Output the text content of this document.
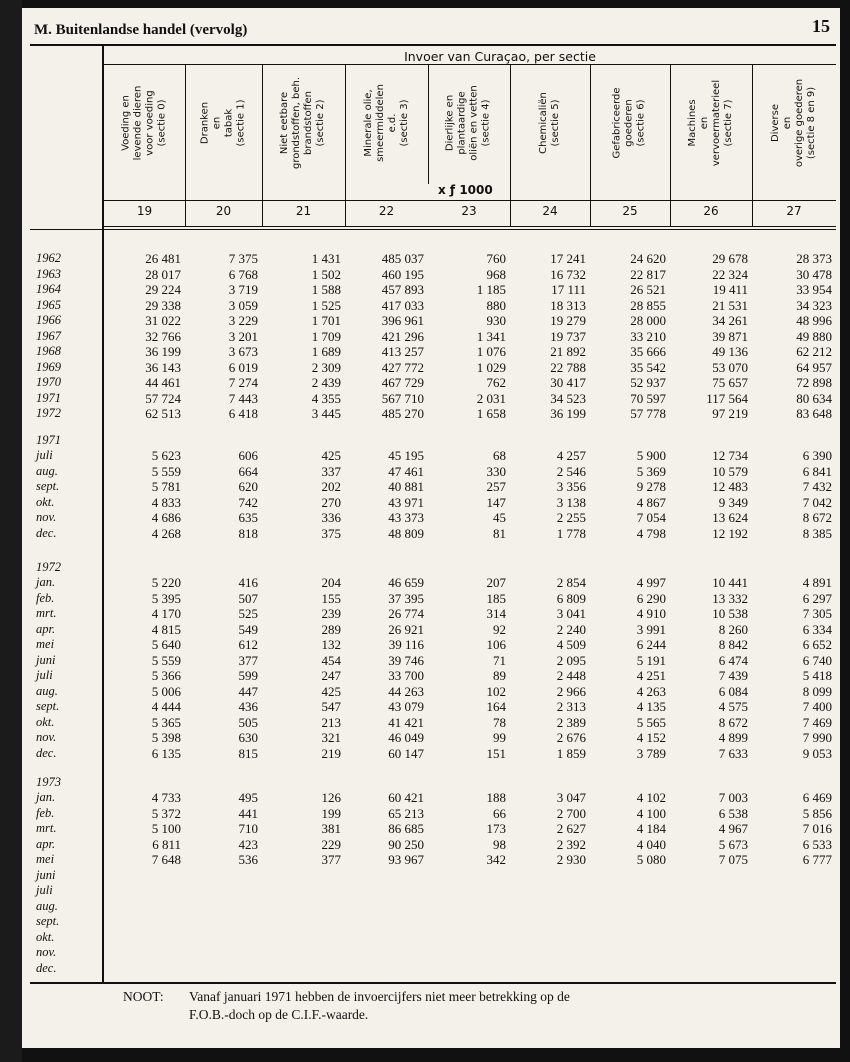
M. Buitenlandse handel (vervolg)	15
Invoer van Curaçao, per sectie
x ƒ 1000
Voeding en
levende dieren
voor voeding
(sectie 0)
19
Dranken
en
tabak
(sectie 1)
20
Niet eetbare
grondstoffen, beh.
brandstoffen
(sectie 2)
21
Minerale olie,
smeermiddelen
e.d.
(sectie 3)
22
Dierlijke en
plantaardige
oliën en vetten
(sectie 4)
23
Chemicaliën
(sectie 5)
24
Gefabriceerde
goederen
(sectie 6)
25
Machines
en
vervoermaterieel
(sectie 7)
26
Diverse
en
overige goederen
(sectie 8 en 9)
27
1962	26 481	7 375	1 431	485 037	760	17 241	24 620	29 678	28 373
1963	28 017	6 768	1 502	460 195	968	16 732	22 817	22 324	30 478
1964	29 224	3 719	1 588	457 893	1 185	17 111	26 521	19 411	33 954
1965	29 338	3 059	1 525	417 033	880	18 313	28 855	21 531	34 323
1966	31 022	3 229	1 701	396 961	930	19 279	28 000	34 261	48 996
1967	32 766	3 201	1 709	421 296	1 341	19 737	33 210	39 871	49 880
1968	36 199	3 673	1 689	413 257	1 076	21 892	35 666	49 136	62 212
1969	36 143	6 019	2 309	427 772	1 029	22 788	35 542	53 070	64 957
1970	44 461	7 274	2 439	467 729	762	30 417	52 937	75 657	72 898
1971	57 724	7 443	4 355	567 710	2 031	34 523	70 597	117 564	80 634
1972	62 513	6 418	3 445	485 270	1 658	36 199	57 778	97 219	83 648
1971
juli	5 623	606	425	45 195	68	4 257	5 900	12 734	6 390
aug.	5 559	664	337	47 461	330	2 546	5 369	10 579	6 841
sept.	5 781	620	202	40 881	257	3 356	9 278	12 483	7 432
okt.	4 833	742	270	43 971	147	3 138	4 867	9 349	7 042
nov.	4 686	635	336	43 373	45	2 255	7 054	13 624	8 672
dec.	4 268	818	375	48 809	81	1 778	4 798	12 192	8 385
1972
jan.	5 220	416	204	46 659	207	2 854	4 997	10 441	4 891
feb.	5 395	507	155	37 395	185	6 809	6 290	13 332	6 297
mrt.	4 170	525	239	26 774	314	3 041	4 910	10 538	7 305
apr.	4 815	549	289	26 921	92	2 240	3 991	8 260	6 334
mei	5 640	612	132	39 116	106	4 509	6 244	8 842	6 652
juni	5 559	377	454	39 746	71	2 095	5 191	6 474	6 740
juli	5 366	599	247	33 700	89	2 448	4 251	7 439	5 418
aug.	5 006	447	425	44 263	102	2 966	4 263	6 084	8 099
sept.	4 444	436	547	43 079	164	2 313	4 135	4 575	7 400
okt.	5 365	505	213	41 421	78	2 389	5 565	8 672	7 469
nov.	5 398	630	321	46 049	99	2 676	4 152	4 899	7 990
dec.	6 135	815	219	60 147	151	1 859	3 789	7 633	9 053
1973
jan.	4 733	495	126	60 421	188	3 047	4 102	7 003	6 469
feb.	5 372	441	199	65 213	66	2 700	4 100	6 538	5 856
mrt.	5 100	710	381	86 685	173	2 627	4 184	4 967	7 016
apr.	6 811	423	229	90 250	98	2 392	4 040	5 673	6 533
mei	7 648	536	377	93 967	342	2 930	5 080	7 075	6 777
juni
juli
aug.
sept.
okt.
nov.
dec.
NOOT: Vanaf januari 1971 hebben de invoercijfers niet meer betrekking op de
F.O.B.-doch op de C.I.F.-waarde.
